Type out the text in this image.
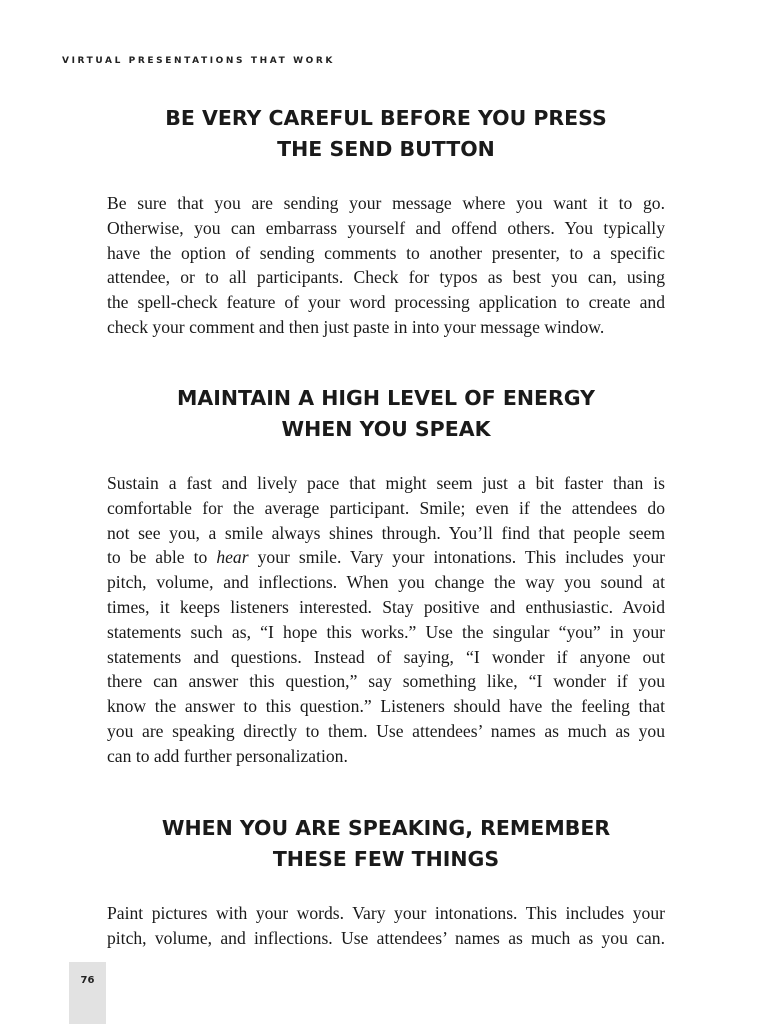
VIRTUAL PRESENTATIONS THAT WORK
BE VERY CAREFUL BEFORE YOU PRESS
THE SEND BUTTON

Be sure that you are sending your message where you want it to go.
Otherwise, you can embarrass yourself and offend others. You typically
have the option of sending comments to another presenter, to a specific
attendee, or to all participants. Check for typos as best you can, using
the spell-check feature of your word processing application to create and
check your comment and then just paste in into your message window.

MAINTAIN A HIGH LEVEL OF ENERGY
WHEN YOU SPEAK

Sustain a fast and lively pace that might seem just a bit faster than is
comfortable for the average participant. Smile; even if the attendees do
not see you, a smile always shines through. You’ll find that people seem
to be able to hear your smile. Vary your intonations. This includes your
pitch, volume, and inflections. When you change the way you sound at
times, it keeps listeners interested. Stay positive and enthusiastic. Avoid
statements such as, “I hope this works.” Use the singular “you” in your
statements and questions. Instead of saying, “I wonder if anyone out
there can answer this question,” say something like, “I wonder if you
know the answer to this question.” Listeners should have the feeling that
you are speaking directly to them. Use attendees’ names as much as you
can to add further personalization.

WHEN YOU ARE SPEAKING, REMEMBER
THESE FEW THINGS

Paint pictures with your words. Vary your intonations. This includes your
pitch, volume, and inflections. Use attendees’ names as much as you can.

76
